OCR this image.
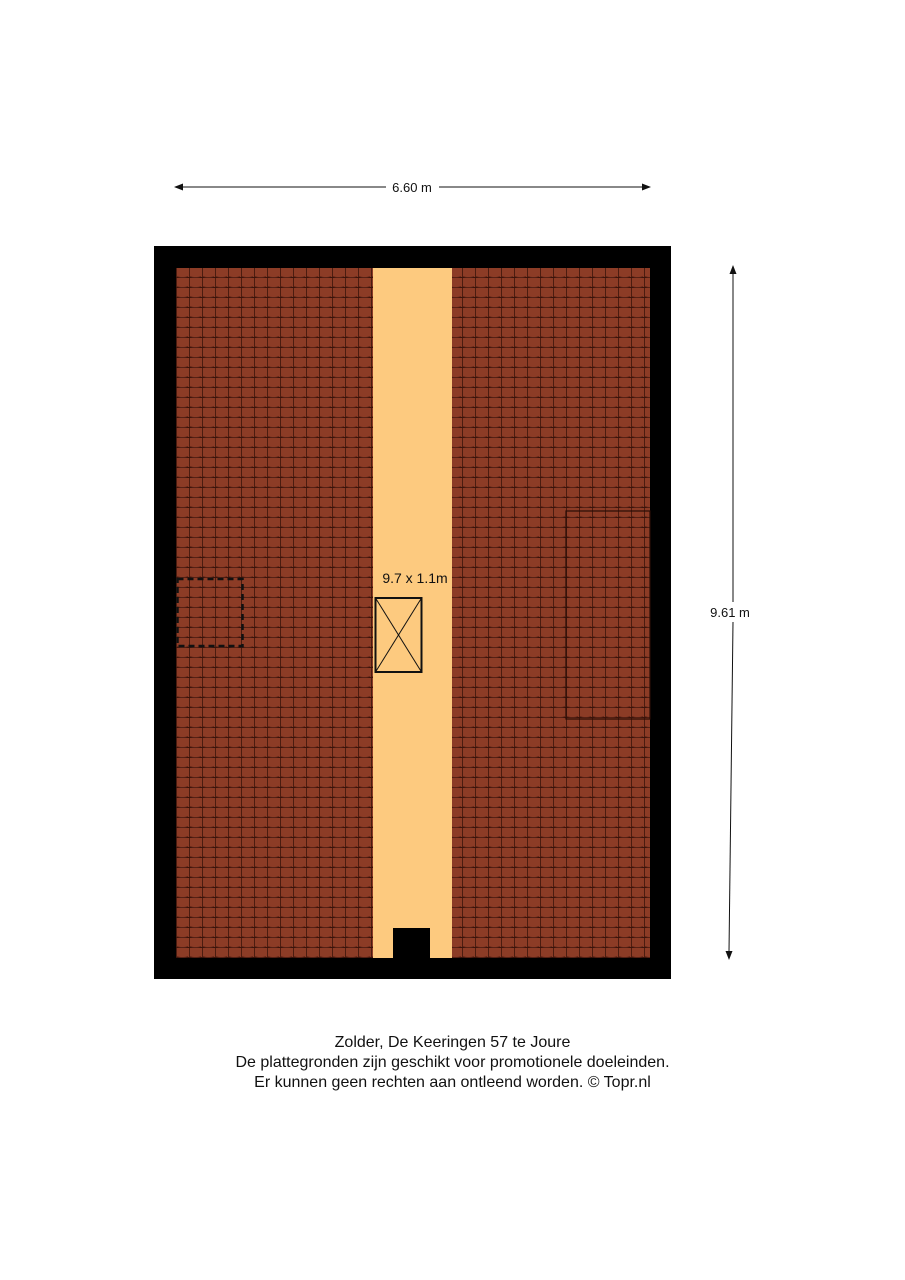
6.60 m
9.61 m
9.7 x 1.1m
Zolder, De Keeringen 57 te Joure
De plattegronden zijn geschikt voor promotionele doeleinden.
Er kunnen geen rechten aan ontleend worden. © Topr.nl
